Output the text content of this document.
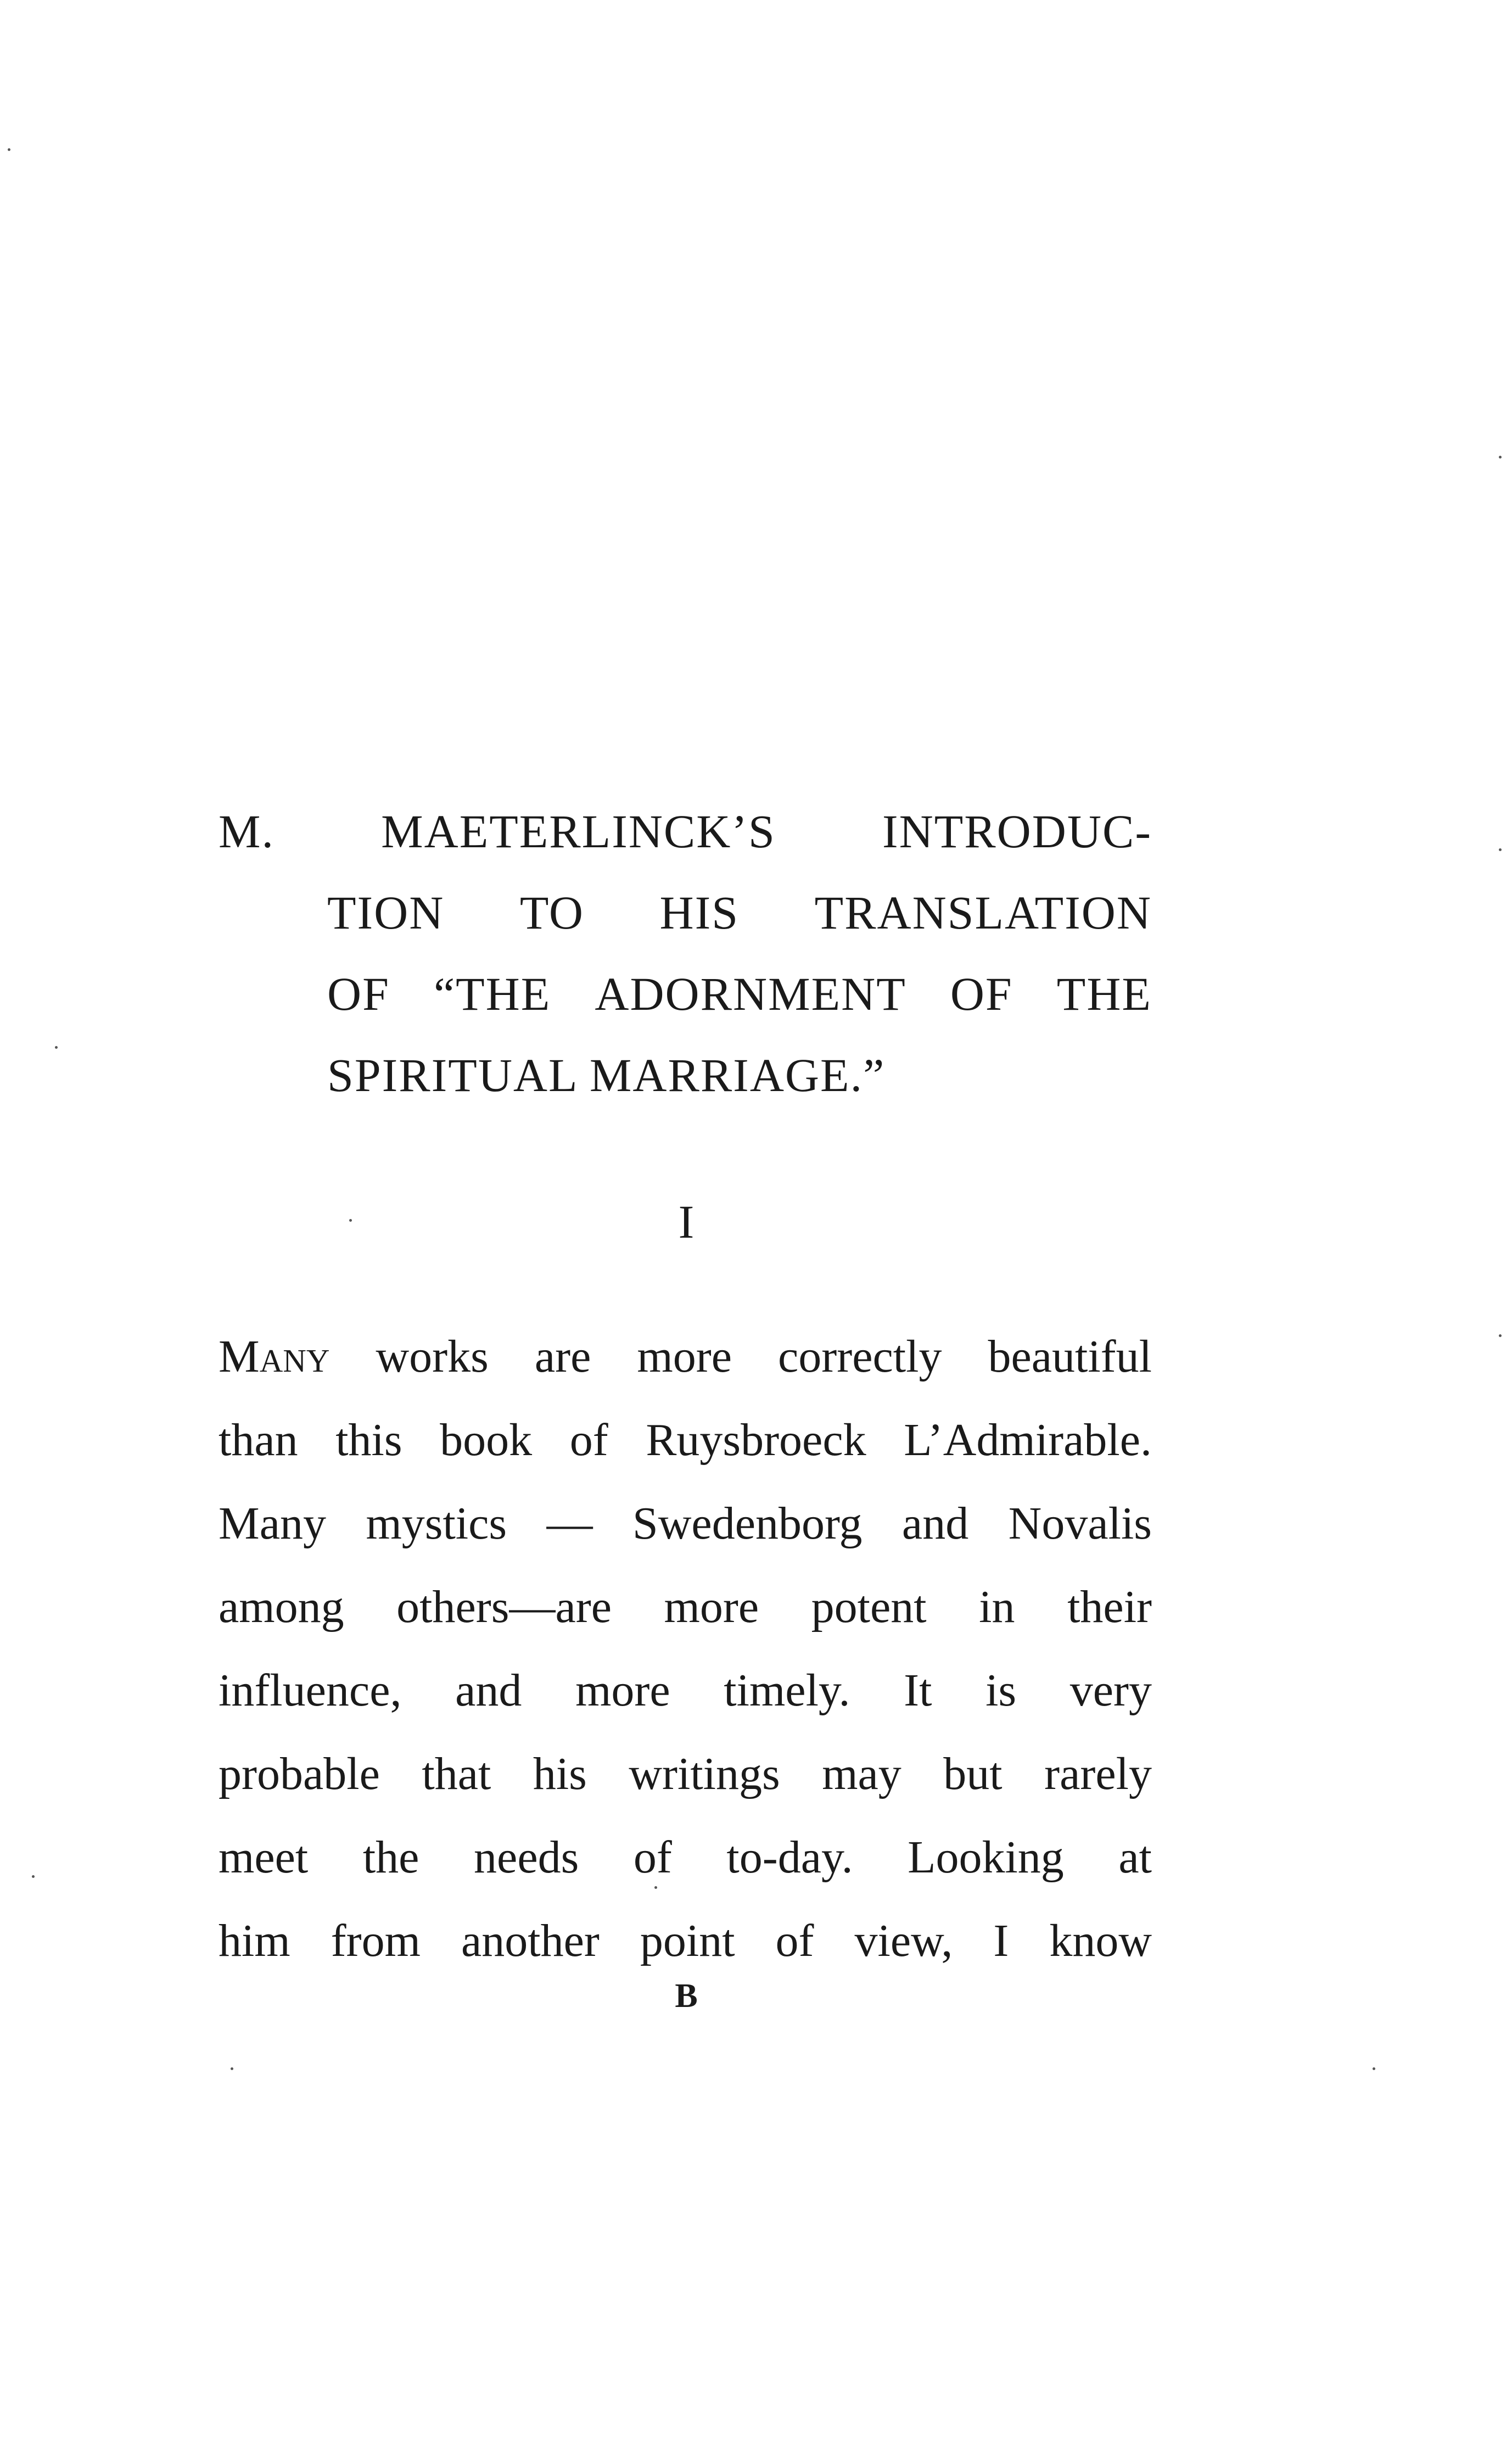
M. MAETERLINCK’S INTRODUC-
TION TO HIS TRANSLATION
OF “THE ADORNMENT OF THE
SPIRITUAL MARRIAGE.”
I
Many works are more correctly beautiful
than this book of Ruysbroeck L’Admirable.
Many mystics — Swedenborg and Novalis
among others—are more potent in their
influence, and more timely. It is very
probable that his writings may but rarely
meet the needs of to-day. Looking at
him from another point of view, I know
B
